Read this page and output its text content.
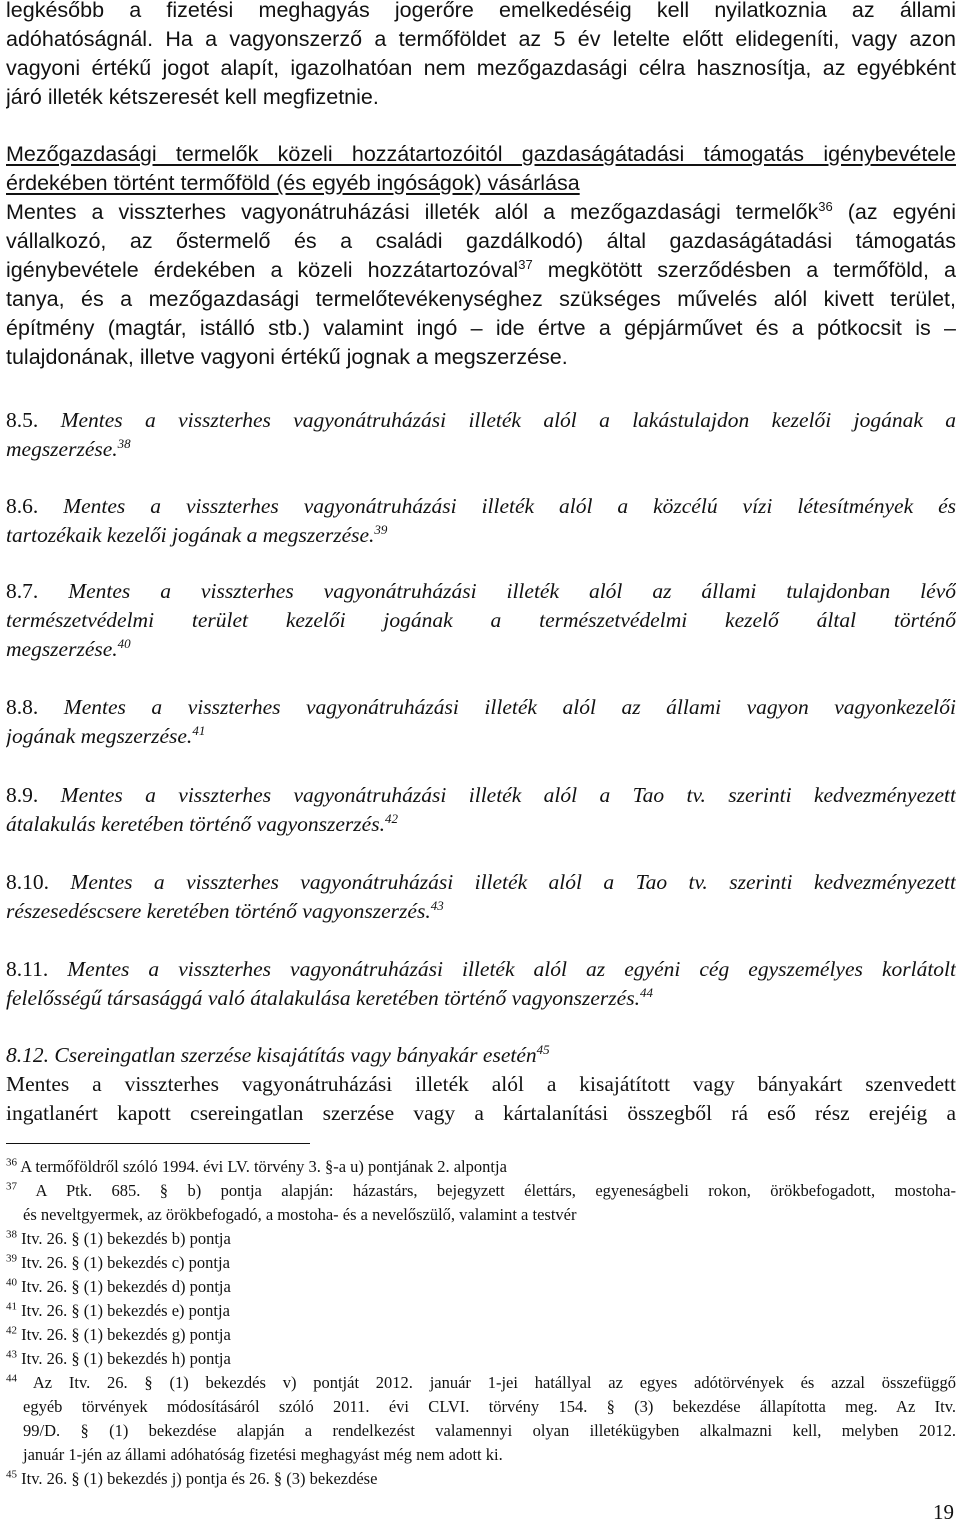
legkésőbb a fizetési meghagyás jogerőre emelkedéséig kell nyilatkoznia az állami
adóhatóságnál. Ha a vagyonszerző a termőföldet az 5 év letelte előtt elidegeníti, vagy azon
vagyoni értékű jogot alapít, igazolhatóan nem mezőgazdasági célra hasznosítja, az egyébként
járó illeték kétszeresét kell megfizetnie.
Mezőgazdasági termelők közeli hozzátartozóitól gazdaságátadási támogatás igénybevétele
érdekében történt termőföld (és egyéb ingóságok) vásárlása
Mentes a visszterhes vagyonátruházási illeték alól a mezőgazdasági termelők$^{36}$ (az egyéni
vállalkozó, az őstermelő és a családi gazdálkodó) által gazdaságátadási támogatás
igénybevétele érdekében a közeli hozzátartozóval$^{37}$ megkötött szerződésben a termőföld, a
tanya, és a mezőgazdasági termelőtevékenységhez szükséges művelés alól kivett terület,
építmény (magtár, istálló stb.) valamint ingó – ide értve a gépjárművet és a pótkocsit is –
tulajdonának, illetve vagyoni értékű jognak a megszerzése.
8.5. Mentes a visszterhes vagyonátruházási illeték alól a lakástulajdon kezelői jogának a
megszerzése.$^{38}$
8.6. Mentes a visszterhes vagyonátruházási illeték alól a közcélú vízi létesítmények és
tartozékaik kezelői jogának a megszerzése.$^{39}$
8.7. Mentes a visszterhes vagyonátruházási illeték alól az állami tulajdonban lévő
természetvédelmi terület kezelői jogának a természetvédelmi kezelő által történő
megszerzése.$^{40}$
8.8. Mentes a visszterhes vagyonátruházási illeték alól az állami vagyon vagyonkezelői
jogának megszerzése.$^{41}$
8.9. Mentes a visszterhes vagyonátruházási illeték alól a Tao tv. szerinti kedvezményezett
átalakulás keretében történő vagyonszerzés.$^{42}$
8.10. Mentes a visszterhes vagyonátruházási illeték alól a Tao tv. szerinti kedvezményezett
részesedéscsere keretében történő vagyonszerzés.$^{43}$
8.11. Mentes a visszterhes vagyonátruházási illeték alól az egyéni cég egyszemélyes korlátolt
felelősségű társasággá való átalakulása keretében történő vagyonszerzés.$^{44}$
8.12. Csereingatlan szerzése kisajátítás vagy bányakár esetén$^{45}$
Mentes a visszterhes vagyonátruházási illeték alól a kisajátított vagy bányakárt szenvedett
ingatlanért kapott csereingatlan szerzése vagy a kártalanítási összegből rá eső rész erejéig a
$^{36}$ A termőföldről szóló 1994. évi LV. törvény 3. §-a u) pontjának 2. alpontja
$^{37}$ A Ptk. 685. § b) pontja alapján: házastárs, bejegyzett élettárs, egyeneságbeli rokon, örökbefogadott, mostoha-
és neveltgyermek, az örökbefogadó, a mostoha- és a nevelőszülő, valamint a testvér
$^{38}$ Itv. 26. § (1) bekezdés b) pontja
$^{39}$ Itv. 26. § (1) bekezdés c) pontja
$^{40}$ Itv. 26. § (1) bekezdés d) pontja
$^{41}$ Itv. 26. § (1) bekezdés e) pontja
$^{42}$ Itv. 26. § (1) bekezdés g) pontja
$^{43}$ Itv. 26. § (1) bekezdés h) pontja
$^{44}$ Az Itv. 26. § (1) bekezdés v) pontját 2012. január 1-jei hatállyal az egyes adótörvények és azzal összefüggő
egyéb törvények módosításáról szóló 2011. évi CLVI. törvény 154. § (3) bekezdése állapította meg. Az Itv.
99/D. § (1) bekezdése alapján a rendelkezést valamennyi olyan illetékügyben alkalmazni kell, melyben 2012.
január 1-jén az állami adóhatóság fizetési meghagyást még nem adott ki.
$^{45}$ Itv. 26. § (1) bekezdés j) pontja és 26. § (3) bekezdése
19
